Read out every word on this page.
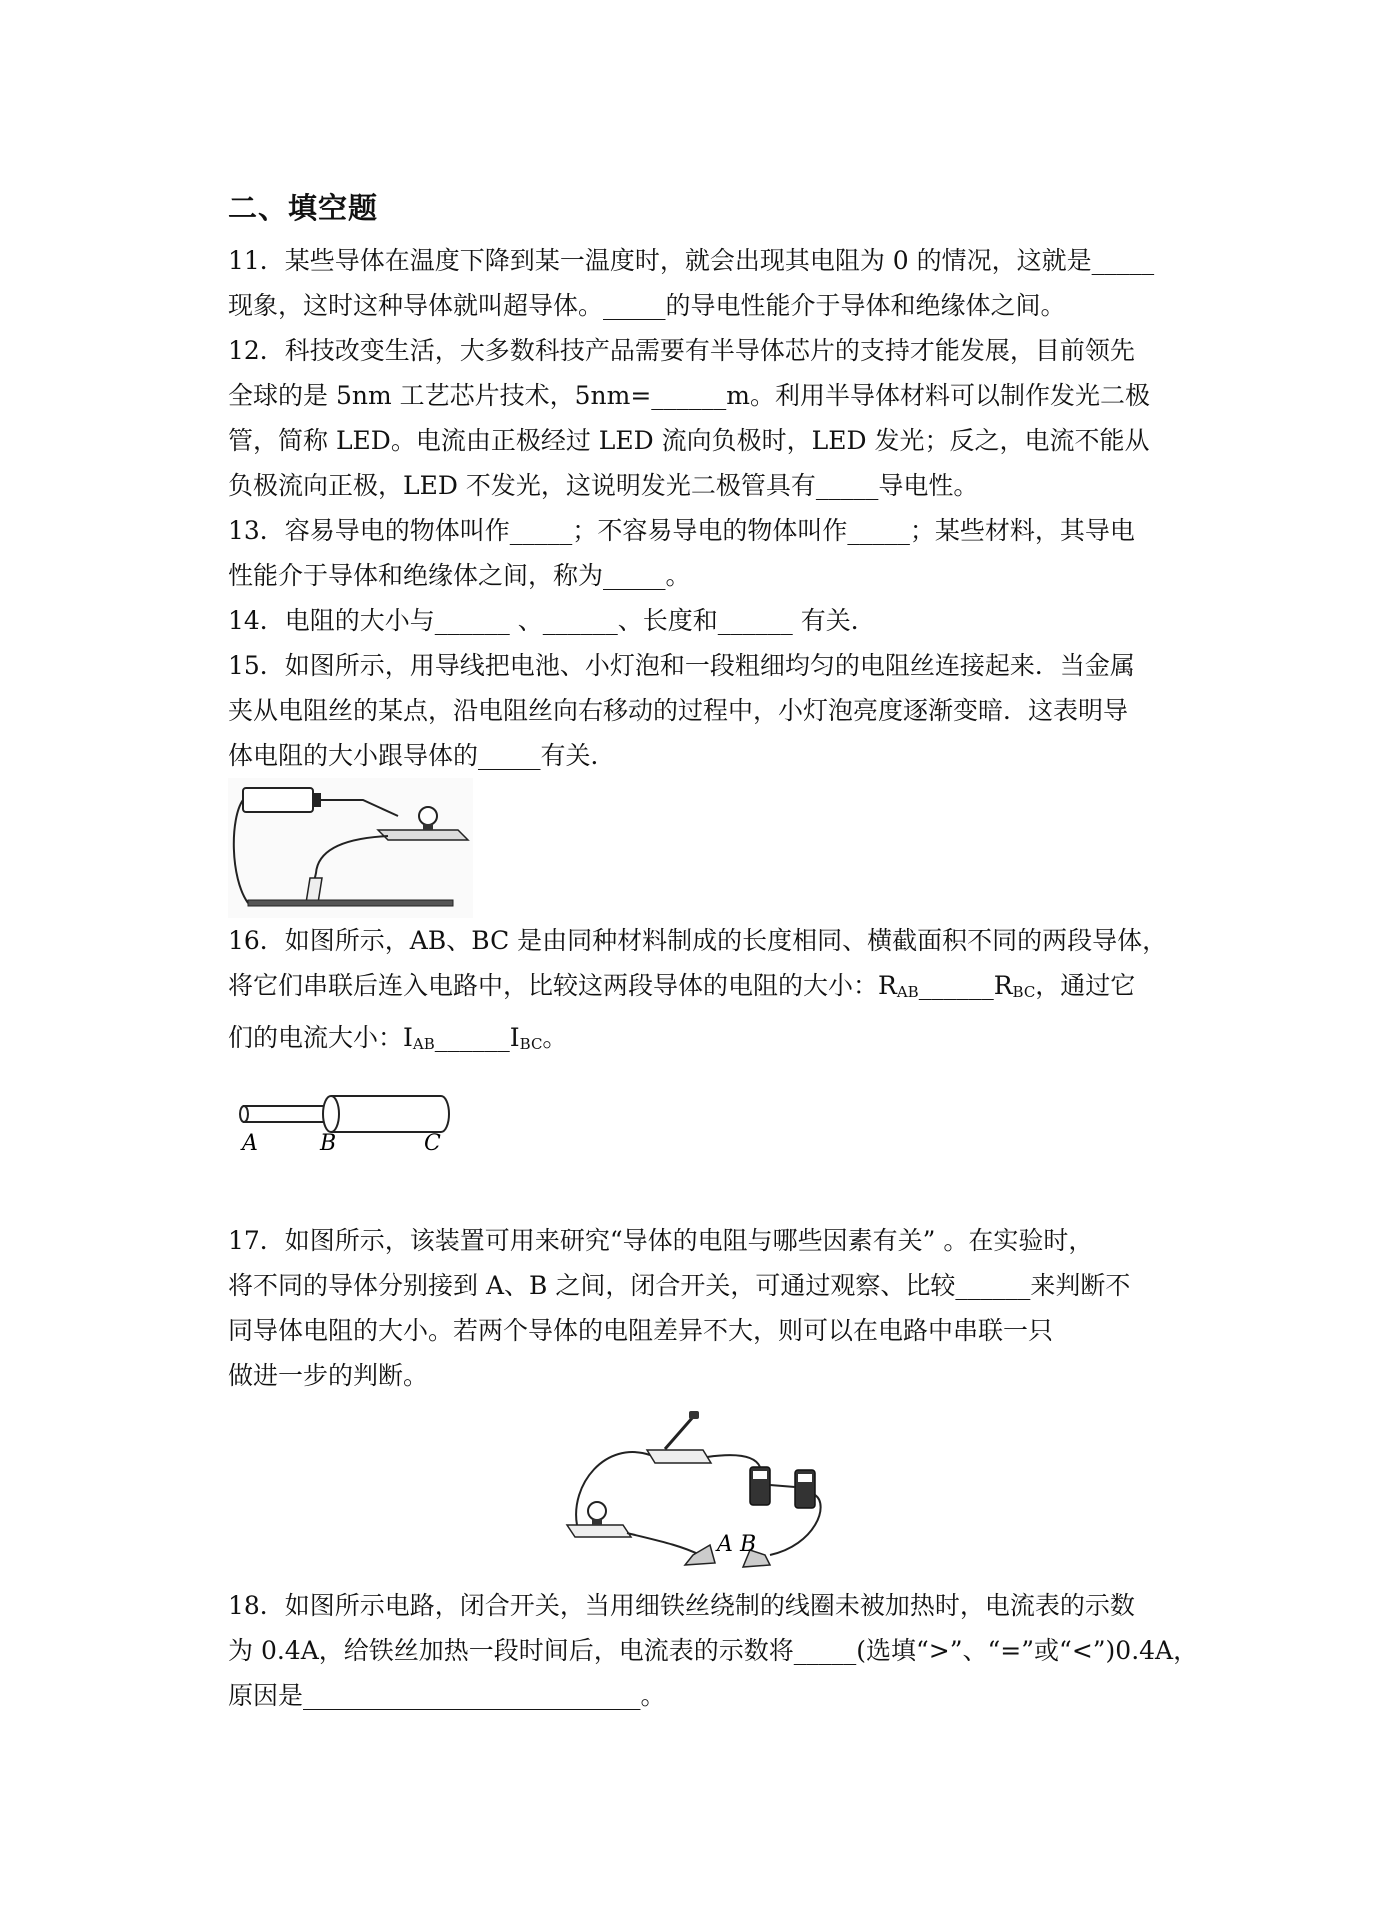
二、填空题
11．某些导体在温度下降到某一温度时，就会出现其电阻为 0 的情况，这就是_____
现象，这时这种导体就叫超导体。_____的导电性能介于导体和绝缘体之间。
12．科技改变生活，大多数科技产品需要有半导体芯片的支持才能发展，目前领先
全球的是 5nm 工艺芯片技术，5nm=______m。利用半导体材料可以制作发光二极
管，简称 LED。电流由正极经过 LED 流向负极时，LED 发光；反之，电流不能从
负极流向正极，LED 不发光，这说明发光二极管具有_____导电性。
13．容易导电的物体叫作_____；不容易导电的物体叫作_____；某些材料，其导电
性能介于导体和绝缘体之间，称为_____。
14．电阻的大小与______ 、______、长度和______ 有关．
15．如图所示，用导线把电池、小灯泡和一段粗细均匀的电阻丝连接起来．当金属
夹从电阻丝的某点，沿电阻丝向右移动的过程中，小灯泡亮度逐渐变暗．这表明导
体电阻的大小跟导体的_____有关．
16．如图所示，AB、BC 是由同种材料制成的长度相同、横截面积不同的两段导体，
将它们串联后连入电路中，比较这两段导体的电阻的大小：$R_{AB}\_\_\_\_\_\_R_{BC}$，通过它
们的电流大小：$I_{AB}\_\_\_\_\_\_I_{BC}$。
A	B	C
17．如图所示，该装置可用来研究“导体的电阻与哪些因素有关” 。在实验时，
将不同的导体分别接到 A、B 之间，闭合开关，可通过观察、比较______来判断不
同导体电阻的大小。若两个导体的电阻差异不大，则可以在电路中串联一只
做进一步的判断。
A B
18．如图所示电路，闭合开关，当用细铁丝绕制的线圈未被加热时，电流表的示数
为 0.4A，给铁丝加热一段时间后，电流表的示数将_____(选填“>”、“=”或“<”)0.4A，
原因是___________________________。
